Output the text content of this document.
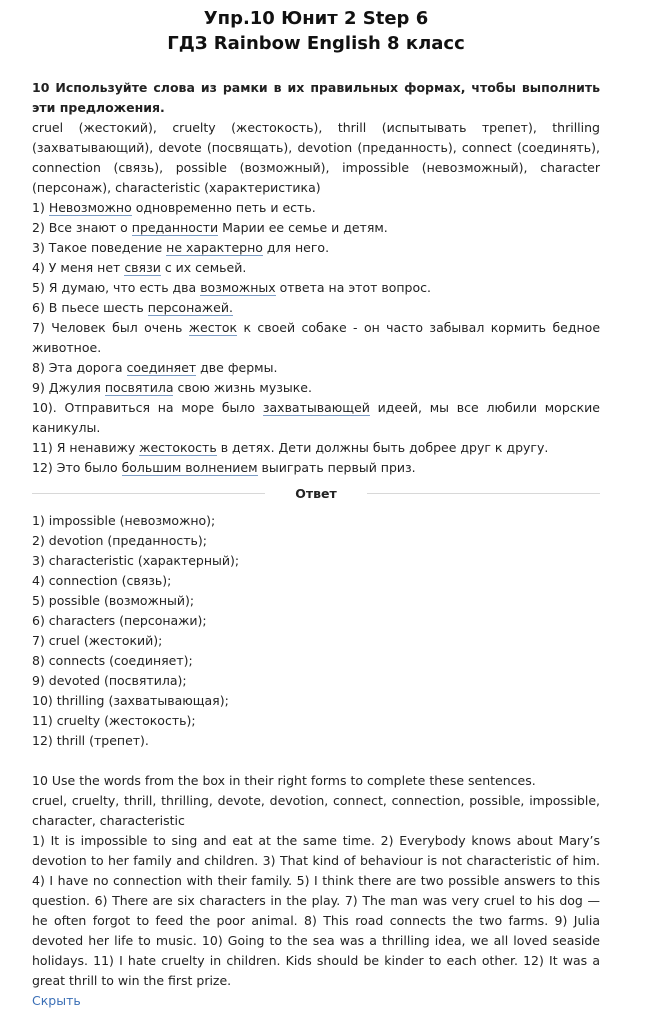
Упр.10 Юнит 2 Step 6
ГДЗ Rainbow English 8 класс
10 Используйте слова из рамки в их правильных формах, чтобы выполнить эти предложения.

cruel (жестокий), cruelty (жестокость), thrill (испытывать трепет), thrilling (захватывающий), devote (посвящать), devotion (преданность), connect (соединять), connection (связь), possible (возможный), impossible (невозможный), character (персонаж), characteristic (характеристика)

1) Невозможно одновременно петь и есть.

2) Все знают о преданности Марии ее семье и детям.

3) Такое поведение не характерно для него.

4) У меня нет связи с их семьей.

5) Я думаю, что есть два возможных ответа на этот вопрос.

6) В пьесе шесть персонажей.

7) Человек был очень жесток к своей собаке - он часто забывал кормить бедное животное.

8) Эта дорога соединяет две фермы.

9) Джулия посвятила свою жизнь музыке.

10). Отправиться на море было захватывающей идеей, мы все любили морские каникулы.

11) Я ненавижу жестокость в детях. Дети должны быть добрее друг к другу.

12) Это было большим волнением выиграть первый приз.

Ответ

1) impossible (невозможно);

2) devotion (преданность);

3) characteristic (характерный);

4) connection (связь);

5) possible (возможный);

6) characters (персонажи);

7) cruel (жестокий);

8) connects (соединяет);

9) devoted (посвятила);

10) thrilling (захватывающая);

11) cruelty (жестокость);

12) thrill (трепет).

10 Use the words from the box in their right forms to complete these sentences.

cruel, cruelty, thrill, thrilling, devote, devotion, connect, connection, possible, impossible, character, characteristic

1) It is impossible to sing and eat at the same time. 2) Everybody knows about Mary’s devotion to her family and children. 3) That kind of behaviour is not characteristic of him. 4) I have no connection with their family. 5) I think there are two possible answers to this question. 6) There are six characters in the play. 7) The man was very cruel to his dog — he often forgot to feed the poor animal. 8) This road connects the two farms. 9) Julia devoted her life to music. 10) Going to the sea was a thrilling idea, we all loved seaside holidays. 11) I hate cruelty in children. Kids should be kinder to each other. 12) It was a great thrill to win the first prize.

Скрыть
